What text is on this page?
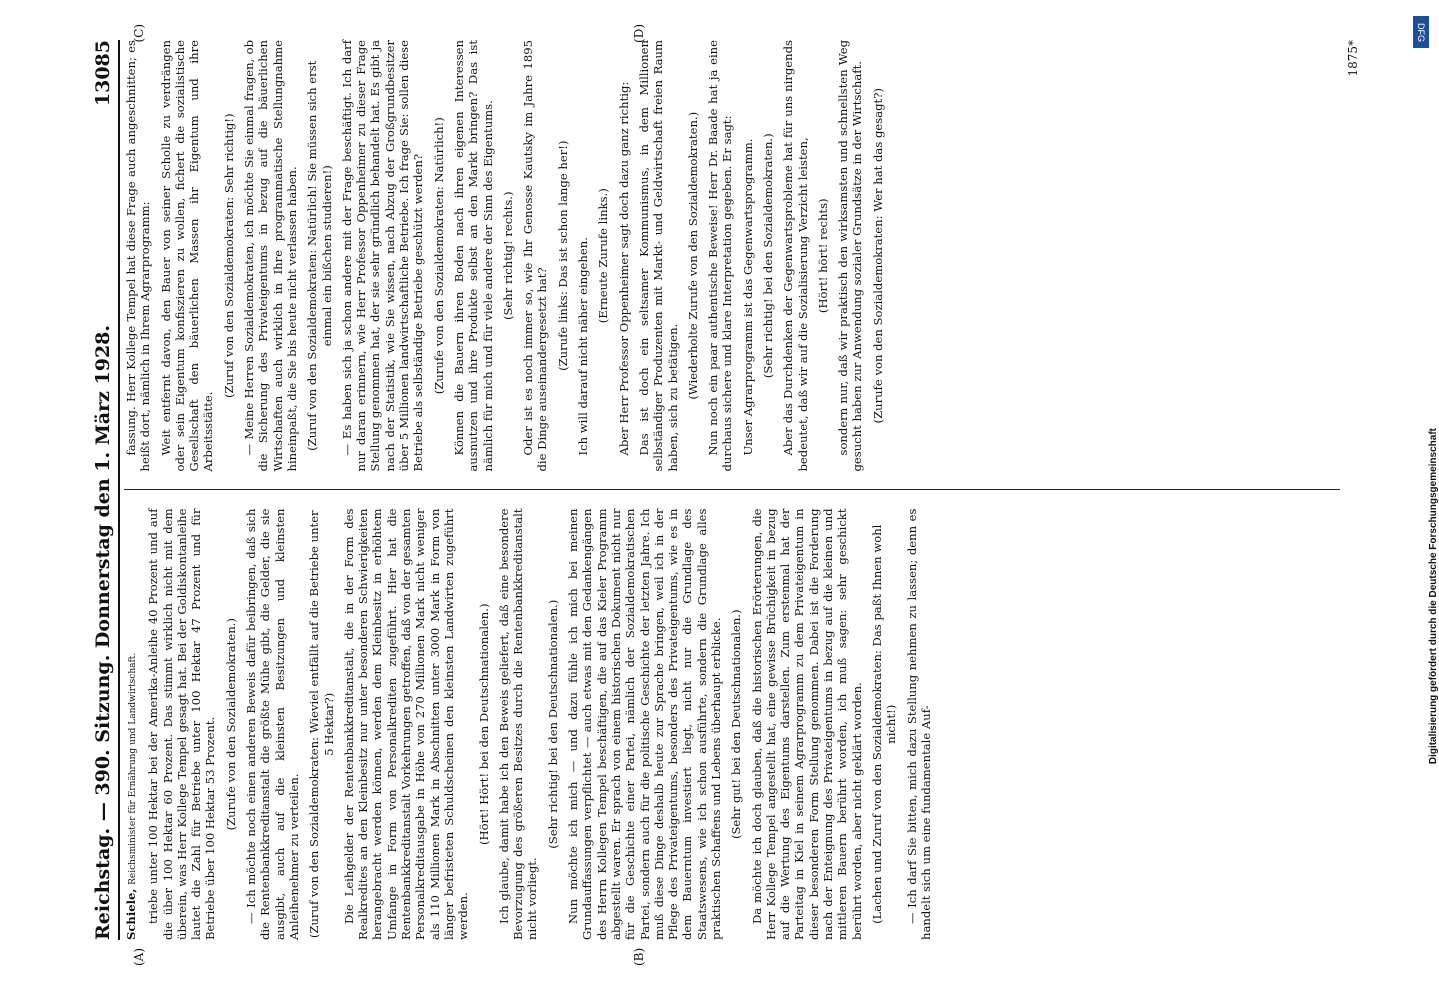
Reichstag. — 390. Sitzung. Donnerstag den 1. März 1928.
13085

Schiele, Reichsminister für Ernährung und Landwirtschaft. triebe unter 100 Hektar bei der Amerika-Anleihe 40 Prozent und auf die über 100 Hektar 60 Prozent. Das stimmt wirklich nicht mit dem überein, was Herr Kollege Tempel gesagt hat. Bei der Goldiskontanleihe lautet die Zahl für Betriebe unter 100 Hektar 47 Prozent und für Betriebe über 100 Hektar 53 Prozent. (Zurufe von den Sozialdemokraten.) — Ich möchte noch einen anderen Beweis dafür beibringen, daß sich die Rentenbankkreditanstalt die größte Mühe gibt, die Gelder, die sie ausgibt, auch auf die kleinsten Besitzungen und kleinsten Anleihenehmer zu verteilen. (Zuruf von den Sozialdemokraten: Wieviel entfällt auf die Betriebe unter 5 Hektar?) Die Leihgelder der Rentenbankkreditanstalt, die in der Form des Realkredites an den Kleinbesitz nur unter besonderen Schwierigkeiten herangebracht werden können, werden dem Kleinbesitz in erhöhtem Umfange in Form von Personalkrediten zugeführt. Hier hat die Rentenbankkreditanstalt Vorkehrungen getroffen, daß von der gesamten Personalkreditausgabe in Höhe von 270 Millionen Mark nicht weniger als 110 Millionen Mark in Abschnitten unter 3000 Mark in Form von länger befristeten Schuldscheinen den kleinsten Landwirten zugeführt werden.

(Hört! Hört! bei den Deutschnationalen.) Ich glaube, damit habe ich den Beweis geliefert, daß eine besondere Bevorzugung des größeren Besitzes durch die Rentenbankkreditanstalt nicht vorliegt.

(Sehr richtig! bei den Deutschnationalen.) Nun möchte ich mich — und dazu fühle ich mich bei meinen Grundauffassungen verpflichtet — auch etwas mit den Gedankengängen des Herrn Kollegen Tempel beschäftigen, die auf das Kieler Programm abgestellt waren. Er sprach von einem historischen Dokument nicht nur für die Geschichte einer Partei, nämlich der Sozialdemokratischen Partei, sondern auch für die politische Geschichte der letzten Jahre. Ich muß diese Dinge deshalb heute zur Sprache bringen, weil ich in der Pflege des Privateigentums, besonders des Privateigentums, wie es in dem Bauerntum investiert liegt, nicht nur die Grundlage des Staatswesens, wie ich schon ausführte, sondern die Grundlage alles praktischen Schaffens und Lebens überhaupt erblicke. (Sehr gut! bei den Deutschnationalen.) Da möchte ich doch glauben, daß die historischen Erörterungen, die Herr Kollege Tempel angestellt hat, eine gewisse Brüchigkeit in bezug auf die Wertung des Eigentums darstellen. Zum erstenmal hat der Parteitag in Kiel in seinem Agrarprogramm zu dem Privateigentum in dieser besonderen Form Stellung genommen. Dabei ist die Forderung nach der Enteignung des Privateigentums in bezug auf die kleinen und mittleren Bauern berührt worden, ich muß sagen: sehr geschickt berührt worden, aber nicht geklärt worden. (Lachen und Zuruf von den Sozialdemokraten: Das paßt Ihnen wohl nicht!) — Ich darf Sie bitten, mich dazu Stellung nehmen zu lassen; denn es handelt sich um eine fundamentale Auf-

fassung. Herr Kollege Tempel hat diese Frage auch angeschnitten; es heißt dort, nämlich in Ihrem Agrarprogramm: Weit entfernt davon, den Bauer von seiner Scholle zu verdrängen oder sein Eigentum konfiszieren zu wollen, fichert die sozialistische Gesellschaft den bäuerlichen Massen ihr Eigentum und ihre Arbeitsstätte.

(Zuruf von den Sozialdemokraten: Sehr richtig!) — Meine Herren Sozialdemokraten, ich möchte Sie einmal fragen, ob die Sicherung des Privateigentums in bezug auf die bäuerlichen Wirtschaften auch wirklich in Ihre programmatische Stellungnahme hineinpaßt, die Sie bis heute nicht verlassen haben. (Zuruf von den Sozialdemokraten: Natürlich! Sie müssen sich erst einmal ein bißchen studieren!) — Es haben sich ja schon andere mit der Frage beschäftigt. Ich darf nur daran erinnern, wie Herr Professor Oppenheimer zu dieser Frage Stellung genommen hat, der sie sehr gründlich behandelt hat. Es gibt ja nach der Statistik, wie Sie wissen, nach Abzug der Großgrundbesitzer über 5 Millionen landwirtschaftliche Betriebe. Ich frage Sie: sollen diese Betriebe als selbständige Betriebe geschützt werden? (Zurufe von den Sozialdemokraten: Natürlich!) Können die Bauern ihren Boden nach ihren eigenen Interessen ausnutzen und ihre Produkte selbst an den Markt bringen? Das ist nämlich für mich und für viele andere der Sinn des Eigentums. (Sehr richtig! rechts.) Oder ist es noch immer so, wie Ihr Genosse Kautsky im Jahre 1895 die Dinge auseinandergesetzt hat? (Zurufe links: Das ist schon lange her!) Ich will darauf nicht näher eingehen. (Erneute Zurufe links.) Aber Herr Professor Oppenheimer sagt doch dazu ganz richtig: Das ist doch ein seltsamer Kommunismus, in dem Millionen selbständiger Produzenten mit Markt- und Geldwirtschaft freien Raum haben, sich zu betätigen. (Wiederholte Zurufe von den Sozialdemokraten.) Nun noch ein paar authentische Beweise! Herr Dr. Baade hat ja eine durchaus sichere und klare Interpretation gegeben. Er sagt: Unser Agrarprogramm ist das Gegenwartsprogramm. (Sehr richtig! bei den Sozialdemokraten.) Aber das Durchdenken der Gegenwartsprobleme hat für uns nirgends bedeutet, daß wir auf die Sozialisierung Verzicht leisten, (Hört! hört! rechts) sondern nur, daß wir praktisch den wirksamsten und schnellsten Weg gesucht haben zur Anwendung sozialer Grundsätze in der Wirtschaft. (Zurufe von den Sozialdemokraten: Wer hat das gesagt?)

(A)	(B)
(C)	(D)
1875*
DFG
Digitalisierung gefördert durch die Deutsche Forschungsgemeinschaft
